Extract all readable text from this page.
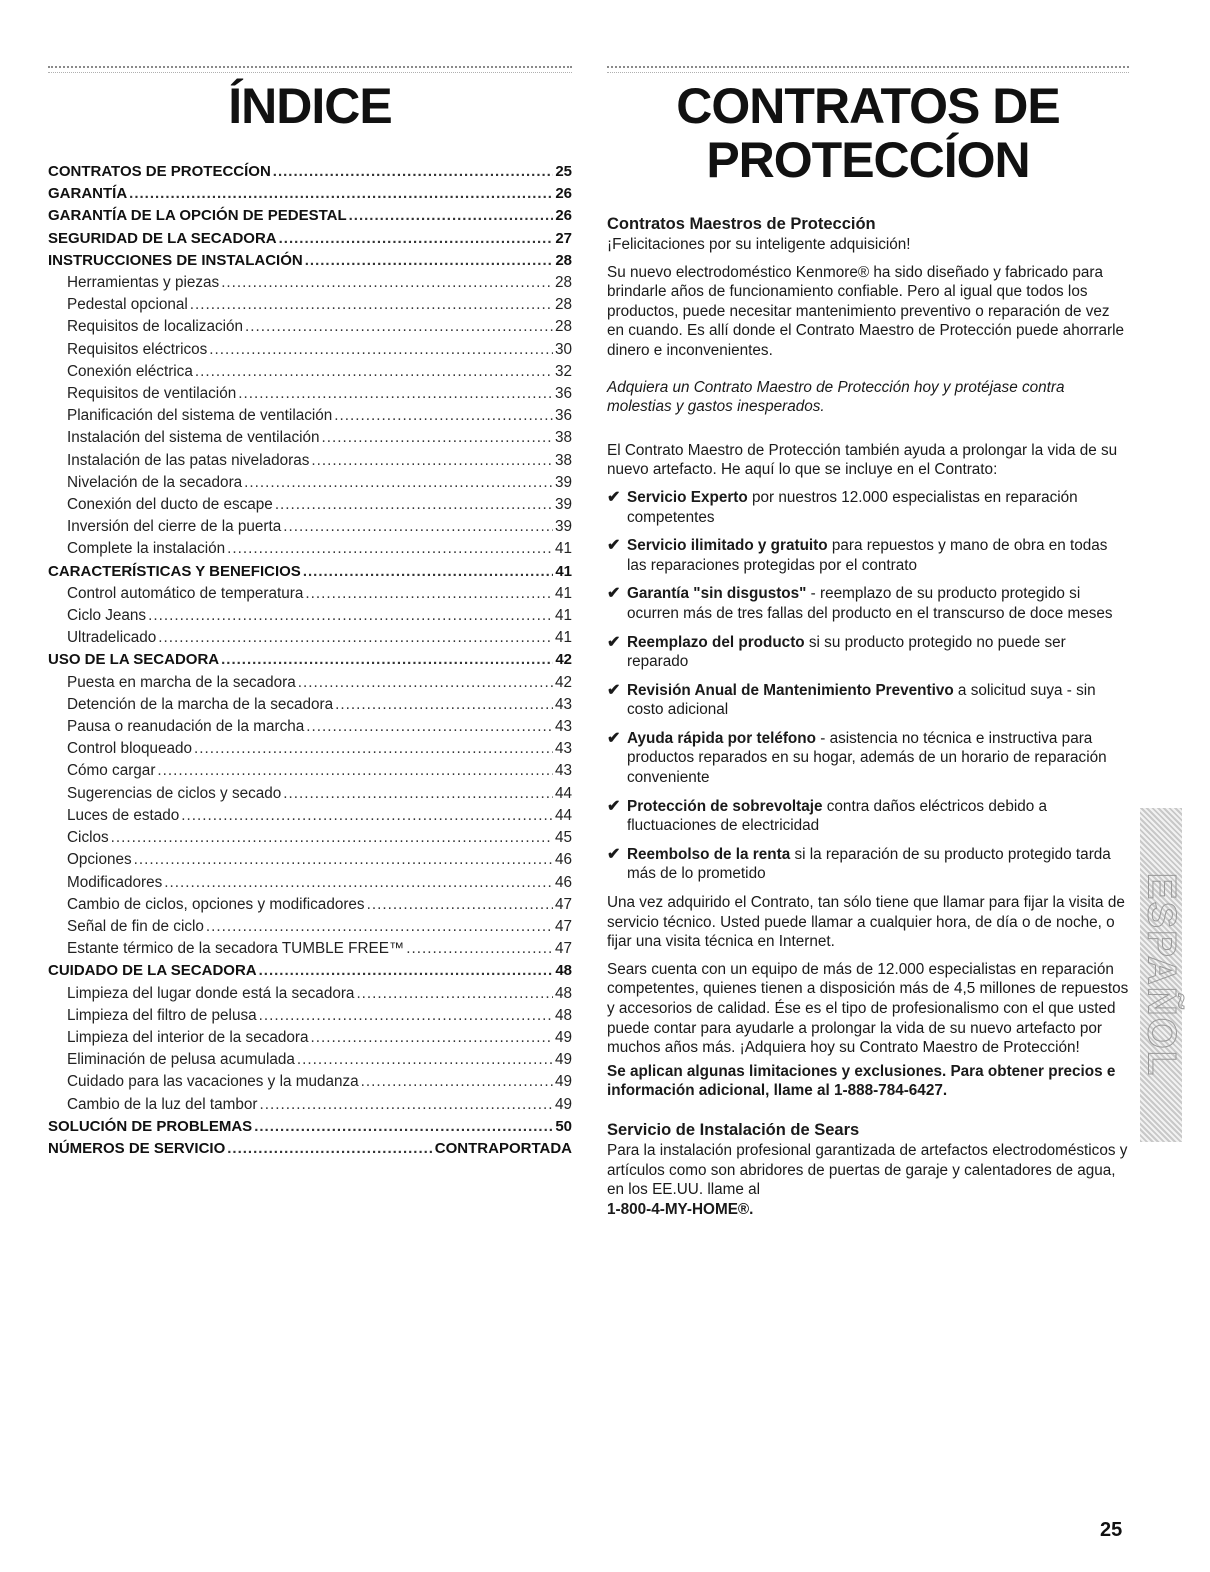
ÍNDICE
CONTRATOS DE PROTECCÍON .....	25
GARANTÍA .....	26
GARANTÍA DE LA OPCIÓN DE PEDESTAL .....	26
SEGURIDAD DE LA SECADORA .....	27
INSTRUCCIONES DE INSTALACIÓN .....	28
Herramientas y piezas .....	28
Pedestal opcional .....	28
Requisitos de localización .....	28
Requisitos eléctricos .....	30
Conexión eléctrica .....	32
Requisitos de ventilación .....	36
Planificación del sistema de ventilación .....	36
Instalación del sistema de ventilación .....	38
Instalación de las patas niveladoras .....	38
Nivelación de la secadora .....	39
Conexión del ducto de escape .....	39
Inversión del cierre de la puerta .....	39
Complete la instalación .....	41
CARACTERÍSTICAS Y BENEFICIOS .....	41
Control automático de temperatura .....	41
Ciclo Jeans .....	41
Ultradelicado .....	41
USO DE LA SECADORA .....	42
Puesta en marcha de la secadora .....	42
Detención de la marcha de la secadora .....	43
Pausa o reanudación de la marcha .....	43
Control bloqueado .....	43
Cómo cargar .....	43
Sugerencias de ciclos y secado .....	44
Luces de estado .....	44
Ciclos .....	45
Opciones .....	46
Modificadores .....	46
Cambio de ciclos, opciones y modificadores .....	47
Señal de fin de ciclo .....	47
Estante térmico de la secadora TUMBLE FREE™ .....	47
CUIDADO DE LA SECADORA .....	48
Limpieza del lugar donde está la secadora .....	48
Limpieza del filtro de pelusa .....	48
Limpieza del interior de la secadora .....	49
Eliminación de pelusa acumulada .....	49
Cuidado para las vacaciones y la mudanza .....	49
Cambio de la luz del tambor .....	49
SOLUCIÓN DE PROBLEMAS .....	50
NÚMEROS DE SERVICIO .....	CONTRAPORTADA
CONTRATOS DE
PROTECCÍON
Contratos Maestros de Protección

¡Felicitaciones por su inteligente adquisición!

Su nuevo electrodoméstico Kenmore® ha sido diseñado y fabricado para brindarle años de funcionamiento confiable. Pero al igual que todos los productos, puede necesitar mantenimiento preventivo o reparación de vez en cuando. Es allí donde el Contrato Maestro de Protección puede ahorrarle dinero e inconvenientes.

Adquiera un Contrato Maestro de Protección hoy y protéjase contra molestias y gastos inesperados.

El Contrato Maestro de Protección también ayuda a prolongar la vida de su nuevo artefacto. He aquí lo que se incluye en el Contrato:

✔ Servicio Experto por nuestros 12.000 especialistas en reparación competentes
✔ Servicio ilimitado y gratuito para repuestos y mano de obra en todas las reparaciones protegidas por el contrato
✔ Garantía "sin disgustos" - reemplazo de su producto protegido si ocurren más de tres fallas del producto en el transcurso de doce meses
✔ Reemplazo del producto si su producto protegido no puede ser reparado
✔ Revisión Anual de Mantenimiento Preventivo a solicitud suya - sin costo adicional
✔ Ayuda rápida por teléfono - asistencia no técnica e instructiva para productos reparados en su hogar, además de un horario de reparación conveniente
✔ Protección de sobrevoltaje contra daños eléctricos debido a fluctuaciones de electricidad
✔ Reembolso de la renta si la reparación de su producto protegido tarda más de lo prometido

Una vez adquirido el Contrato, tan sólo tiene que llamar para fijar la visita de servicio técnico. Usted puede llamar a cualquier hora, de día o de noche, o fijar una visita técnica en Internet.

Sears cuenta con un equipo de más de 12.000 especialistas en reparación competentes, quienes tienen a disposición más de 4,5 millones de repuestos y accesorios de calidad. Ése es el tipo de profesionalismo con el que usted puede contar para ayudarle a prolongar la vida de su nuevo artefacto por muchos años más. ¡Adquiera hoy su Contrato Maestro de Protección!

Se aplican algunas limitaciones y exclusiones. Para obtener precios e información adicional, llame al 1-888-784-6427.

Servicio de Instalación de Sears

Para la instalación profesional garantizada de artefactos electrodomésticos y artículos como son abridores de puertas de garaje y calentadores de agua, en los EE.UU. llame al

1-800-4-MY-HOME®.

ESPAÑOL
25
